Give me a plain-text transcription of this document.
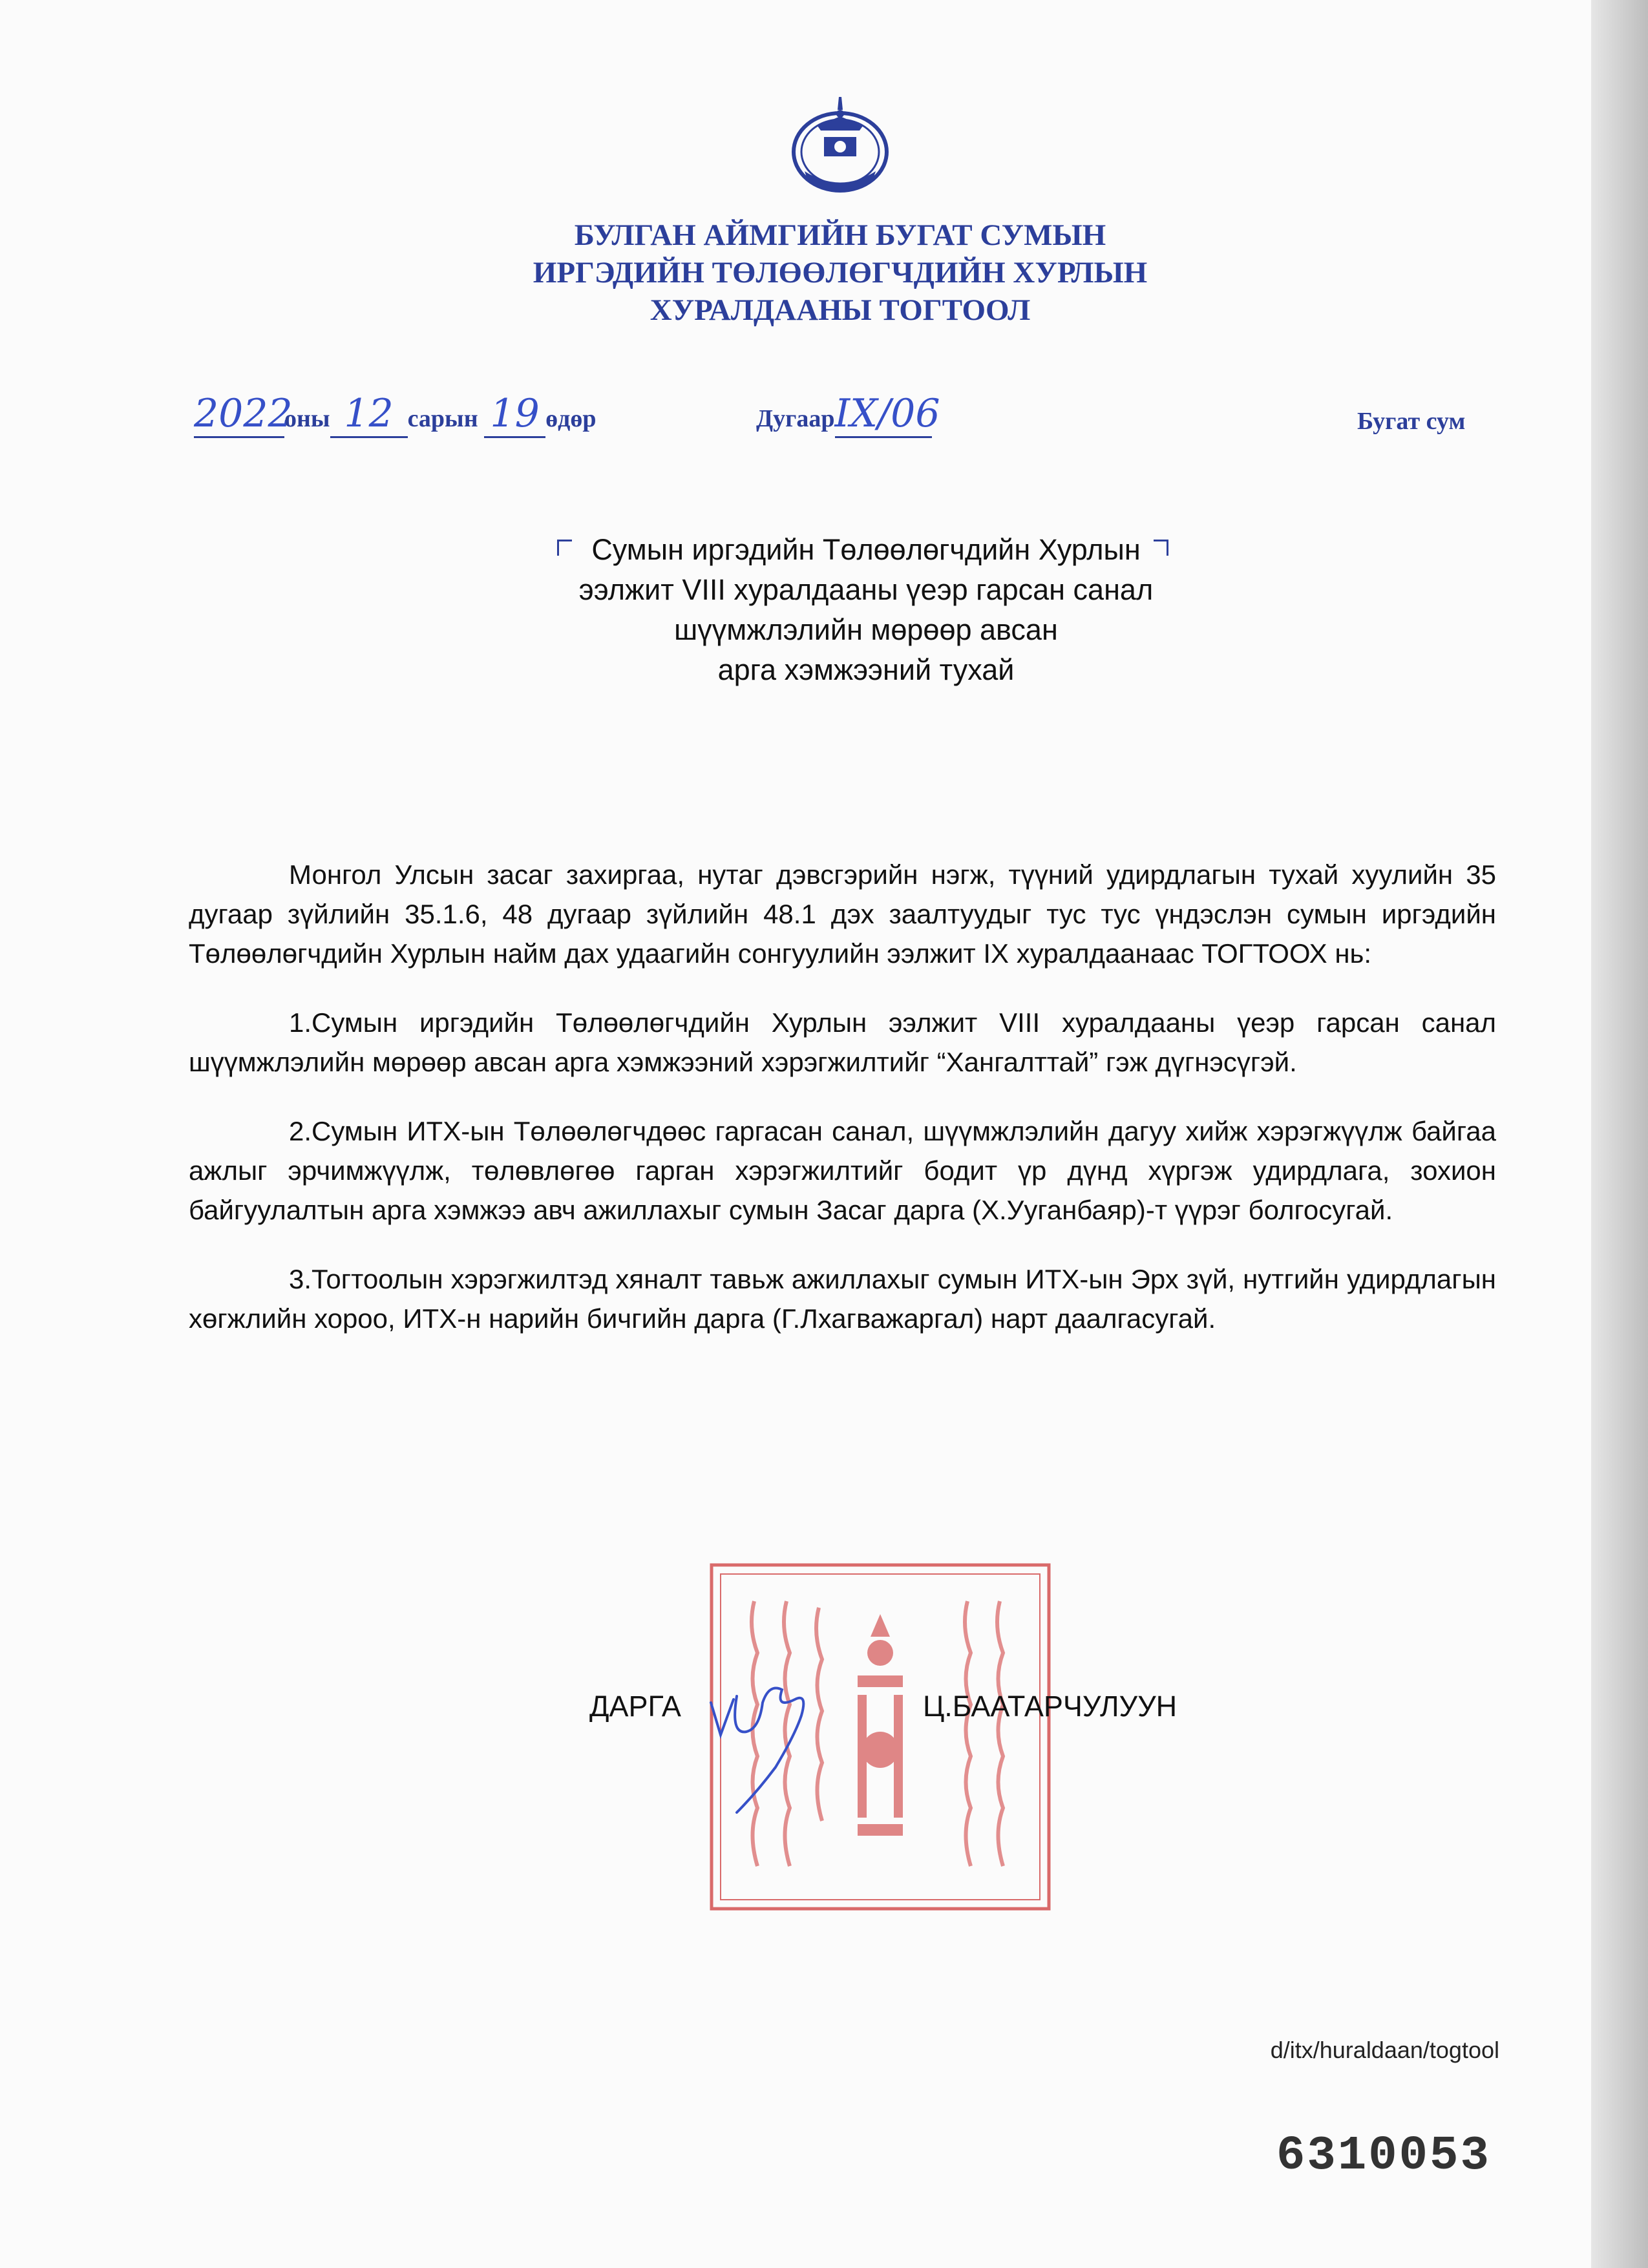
БУЛГАН АЙМГИЙН БУГАТ СУМЫН
ИРГЭДИЙН ТӨЛӨӨЛӨГЧДИЙН ХУРЛЫН
ХУРАЛДААНЫ ТОГТООЛ
2022оны 12 сарын 19 өдөр	ДугаарIX/06	Бугат сум
Сумын иргэдийн Төлөөлөгчдийн Хурлын
ээлжит VIII хуралдааны үеэр гарсан санал
шүүмжлэлийн мөрөөр авсан
арга хэмжээний тухай

Монгол Улсын засаг захиргаа, нутаг дэвсгэрийн нэгж, түүний удирдлагын тухай хуулийн 35 дугаар зүйлийн 35.1.6, 48 дугаар зүйлийн 48.1 дэх заалтуудыг тус тус үндэслэн сумын иргэдийн Төлөөлөгчдийн Хурлын найм дах удаагийн сонгуулийн ээлжит IX хуралдаанаас ТОГТООХ нь:

1.Сумын иргэдийн Төлөөлөгчдийн Хурлын ээлжит VIII хуралдааны үеэр гарсан санал шүүмжлэлийн мөрөөр авсан арга хэмжээний хэрэгжилтийг “Хангалттай” гэж дүгнэсүгэй.

2.Сумын ИТХ-ын Төлөөлөгчдөөс гаргасан санал, шүүмжлэлийн дагуу хийж хэрэгжүүлж байгаа ажлыг эрчимжүүлж, төлөвлөгөө гарган хэрэгжилтийг бодит үр дүнд хүргэж удирдлага, зохион байгуулалтын арга хэмжээ авч ажиллахыг сумын Засаг дарга (Х.Ууганбаяр)-т үүрэг болгосугай.

3.Тогтоолын хэрэгжилтэд хяналт тавьж ажиллахыг сумын ИТХ-ын Эрх зүй, нутгийн удирдлагын хөгжлийн хороо, ИТХ-н нарийн бичгийн дарга (Г.Лхагважаргал) нарт даалгасугай.

ДАРГА	Ц.БААТАРЧУЛУУН
d/itx/huraldaan/togtool
6310053
